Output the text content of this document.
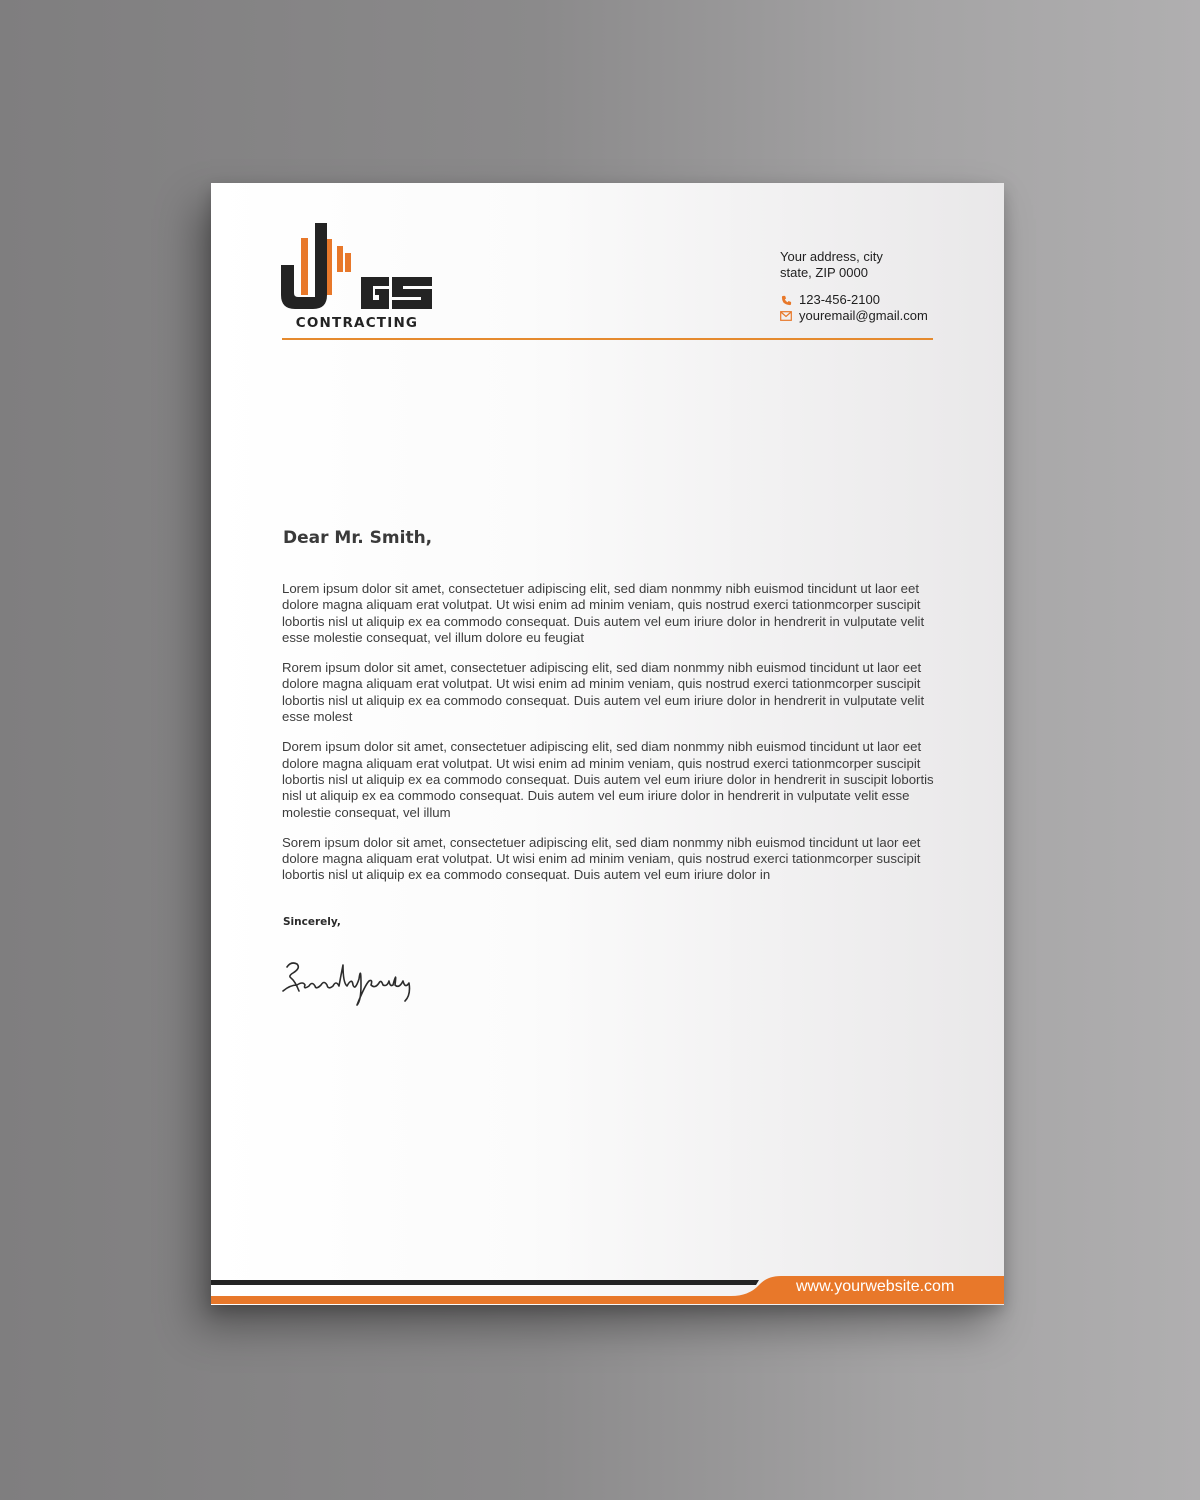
CONTRACTING
Your address, city
state, ZIP 0000
123-456-2100
youremail@gmail.com
Dear Mr. Smith,

Lorem ipsum dolor sit amet, consectetuer adipiscing elit, sed diam nonmmy nibh euismod tincidunt ut laor eet dolore magna aliquam erat volutpat. Ut wisi enim ad minim veniam, quis nostrud exerci tationmcorper suscipit lobortis nisl ut aliquip ex ea commodo consequat. Duis autem vel eum iriure dolor in hendrerit in vulputate velit esse molestie consequat, vel illum dolore eu feugiat

Rorem ipsum dolor sit amet, consectetuer adipiscing elit, sed diam nonmmy nibh euismod tincidunt ut laor eet dolore magna aliquam erat volutpat. Ut wisi enim ad minim veniam, quis nostrud exerci tationmcorper suscipit lobortis nisl ut aliquip ex ea commodo consequat. Duis autem vel eum iriure dolor in hendrerit in vulputate velit esse molest

Dorem ipsum dolor sit amet, consectetuer adipiscing elit, sed diam nonmmy nibh euismod tincidunt ut laor eet dolore magna aliquam erat volutpat. Ut wisi enim ad minim veniam, quis nostrud exerci tationmcorper suscipit lobortis nisl ut aliquip ex ea commodo consequat. Duis autem vel eum iriure dolor in hendrerit in suscipit lobortis nisl ut aliquip ex ea commodo consequat. Duis autem vel eum iriure dolor in hendrerit in vulputate velit esse molestie consequat, vel illum

Sorem ipsum dolor sit amet, consectetuer adipiscing elit, sed diam nonmmy nibh euismod tincidunt ut laor eet dolore magna aliquam erat volutpat. Ut wisi enim ad minim veniam, quis nostrud exerci tationmcorper suscipit lobortis nisl ut aliquip ex ea commodo consequat. Duis autem vel eum iriure dolor in

Sincerely,
www.yourwebsite.com
